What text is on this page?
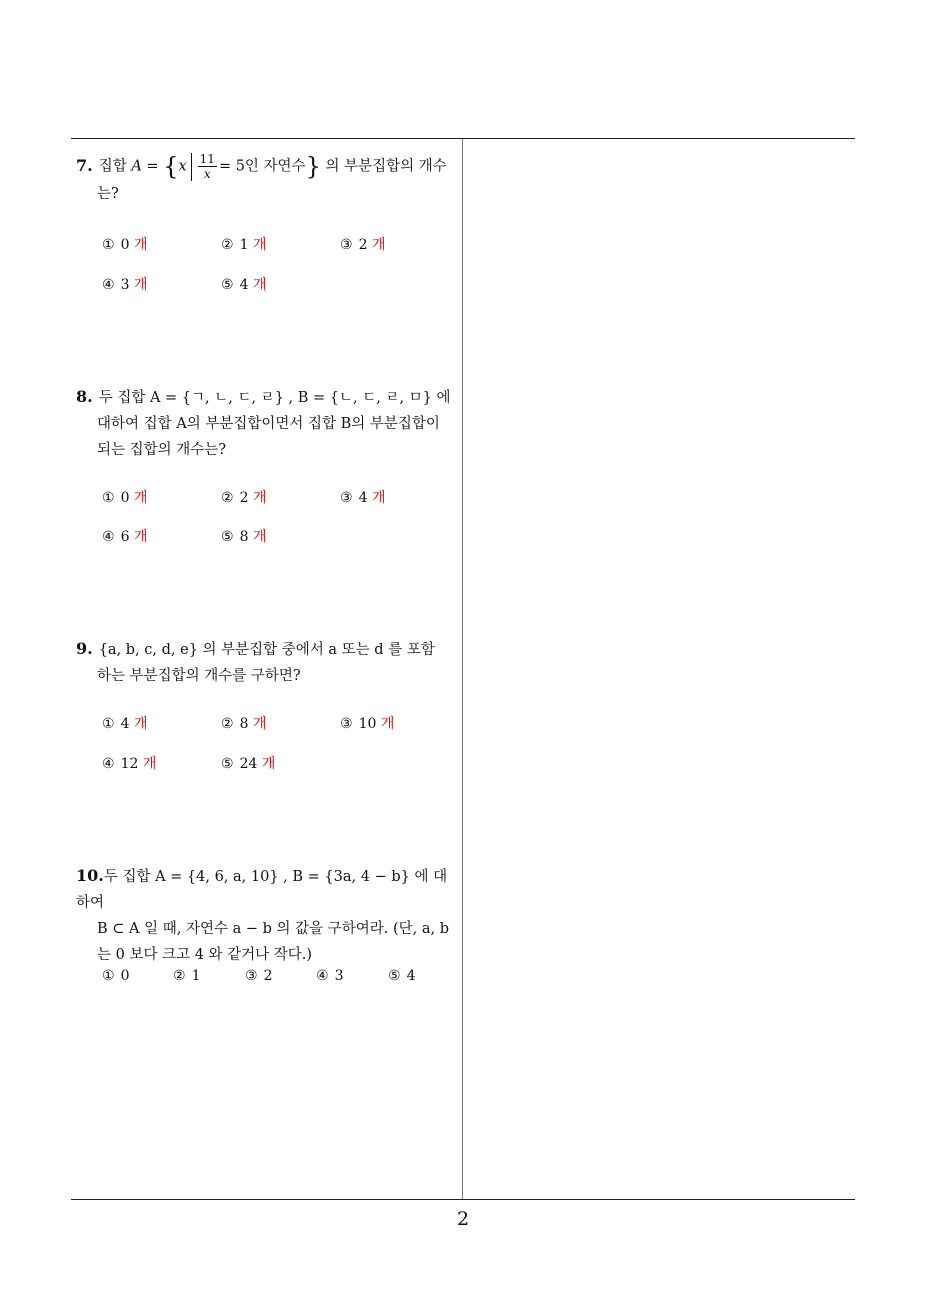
7. 집합 $A = \{x \frac{11}{x} = 5$인 자연수} 의 부분집합의 개수
는?
① 0 개	② 1 개	③ 2 개
④ 3 개	⑤ 4 개
8. 두 집합 A = {ㄱ, ㄴ, ㄷ, ㄹ} , B = {ㄴ, ㄷ, ㄹ, ㅁ} 에
대하여 집합 A의 부분집합이면서 집합 B의 부분집합이
되는 집합의 개수는?
① 0 개	② 2 개	③ 4 개
④ 6 개	⑤ 8 개
9. {a, b, c, d, e} 의 부분집합 중에서 a 또는 d 를 포함
하는 부분집합의 개수를 구하면?
① 4 개	② 8 개	③ 10 개
④ 12 개	⑤ 24 개
10.두 집합 A = {4, 6, a, 10} , B = {3a, 4 − b} 에 대하여
B ⊂ A 일 때, 자연수 a − b 의 값을 구하여라. (단, a, b
는 0 보다 크고 4 와 같거나 작다.)
① 0	② 1	③ 2	④ 3	⑤ 4
2
